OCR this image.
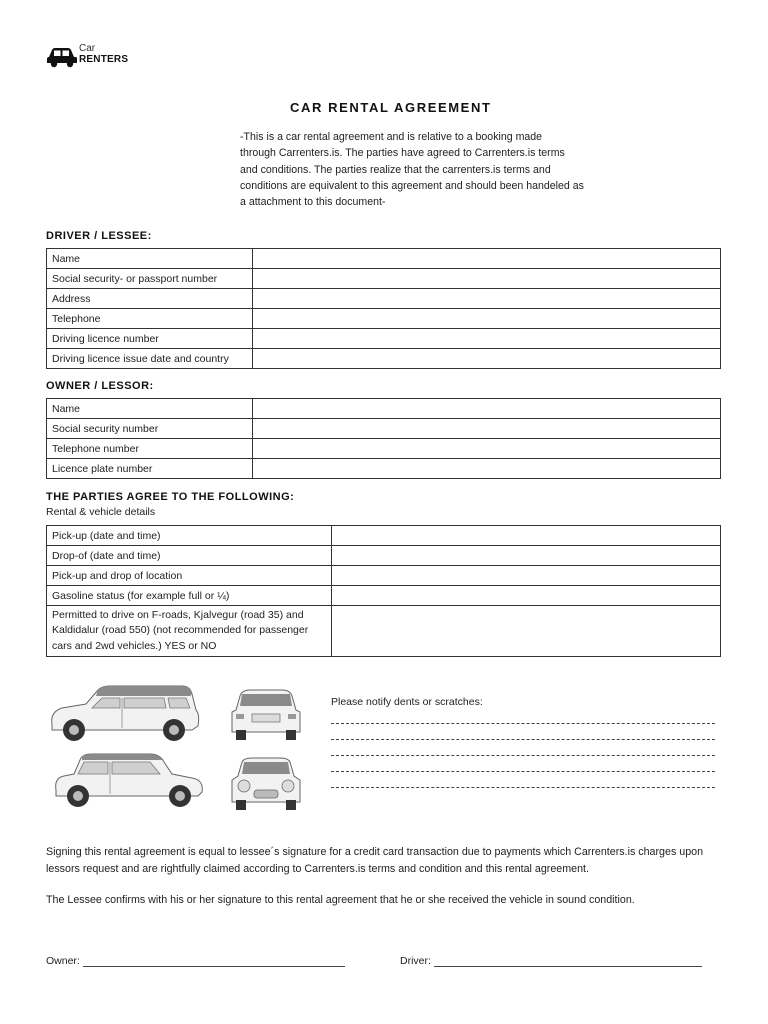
Car
RENTERS
CAR RENTAL AGREEMENT

-This is a car rental agreement and is relative to a booking made

through Carrenters.is. The parties have agreed to Carrenters.is terms

and conditions. The parties realize that the carrenters.is terms and

conditions are equivalent to this agreement and should been handeled as

a attachment to this document-

DRIVER / LESSEE:
Name	
Social security- or passport number	
Address	
Telephone	
Driving licence number	
Driving licence issue date and country	
OWNER / LESSOR:
Name	
Social security number	
Telephone number	
Licence plate number	
THE PARTIES AGREE TO THE FOLLOWING:
Rental & vehicle details
Pick-up (date and time)	
Drop-of (date and time)	
Pick-up and drop of location	
Gasoline status (for example full or ¼)	

Permitted to drive on F-roads, Kjalvegur (road 35) and
Kaldidalur (road 550) (not recommended for passenger
cars and 2wd vehicles.) YES or NO	

Please notify dents or scratches:
Signing this rental agreement is equal to lessee´s signature for a credit card transaction due to payments which Carrenters.is charges upon
lessors request and are rightfully claimed according to Carrenters.is terms and condition and this rental agreement.
The Lessee confirms with his or her signature to this rental agreement that he or she received the vehicle in sound condition.
Owner:	Driver:
